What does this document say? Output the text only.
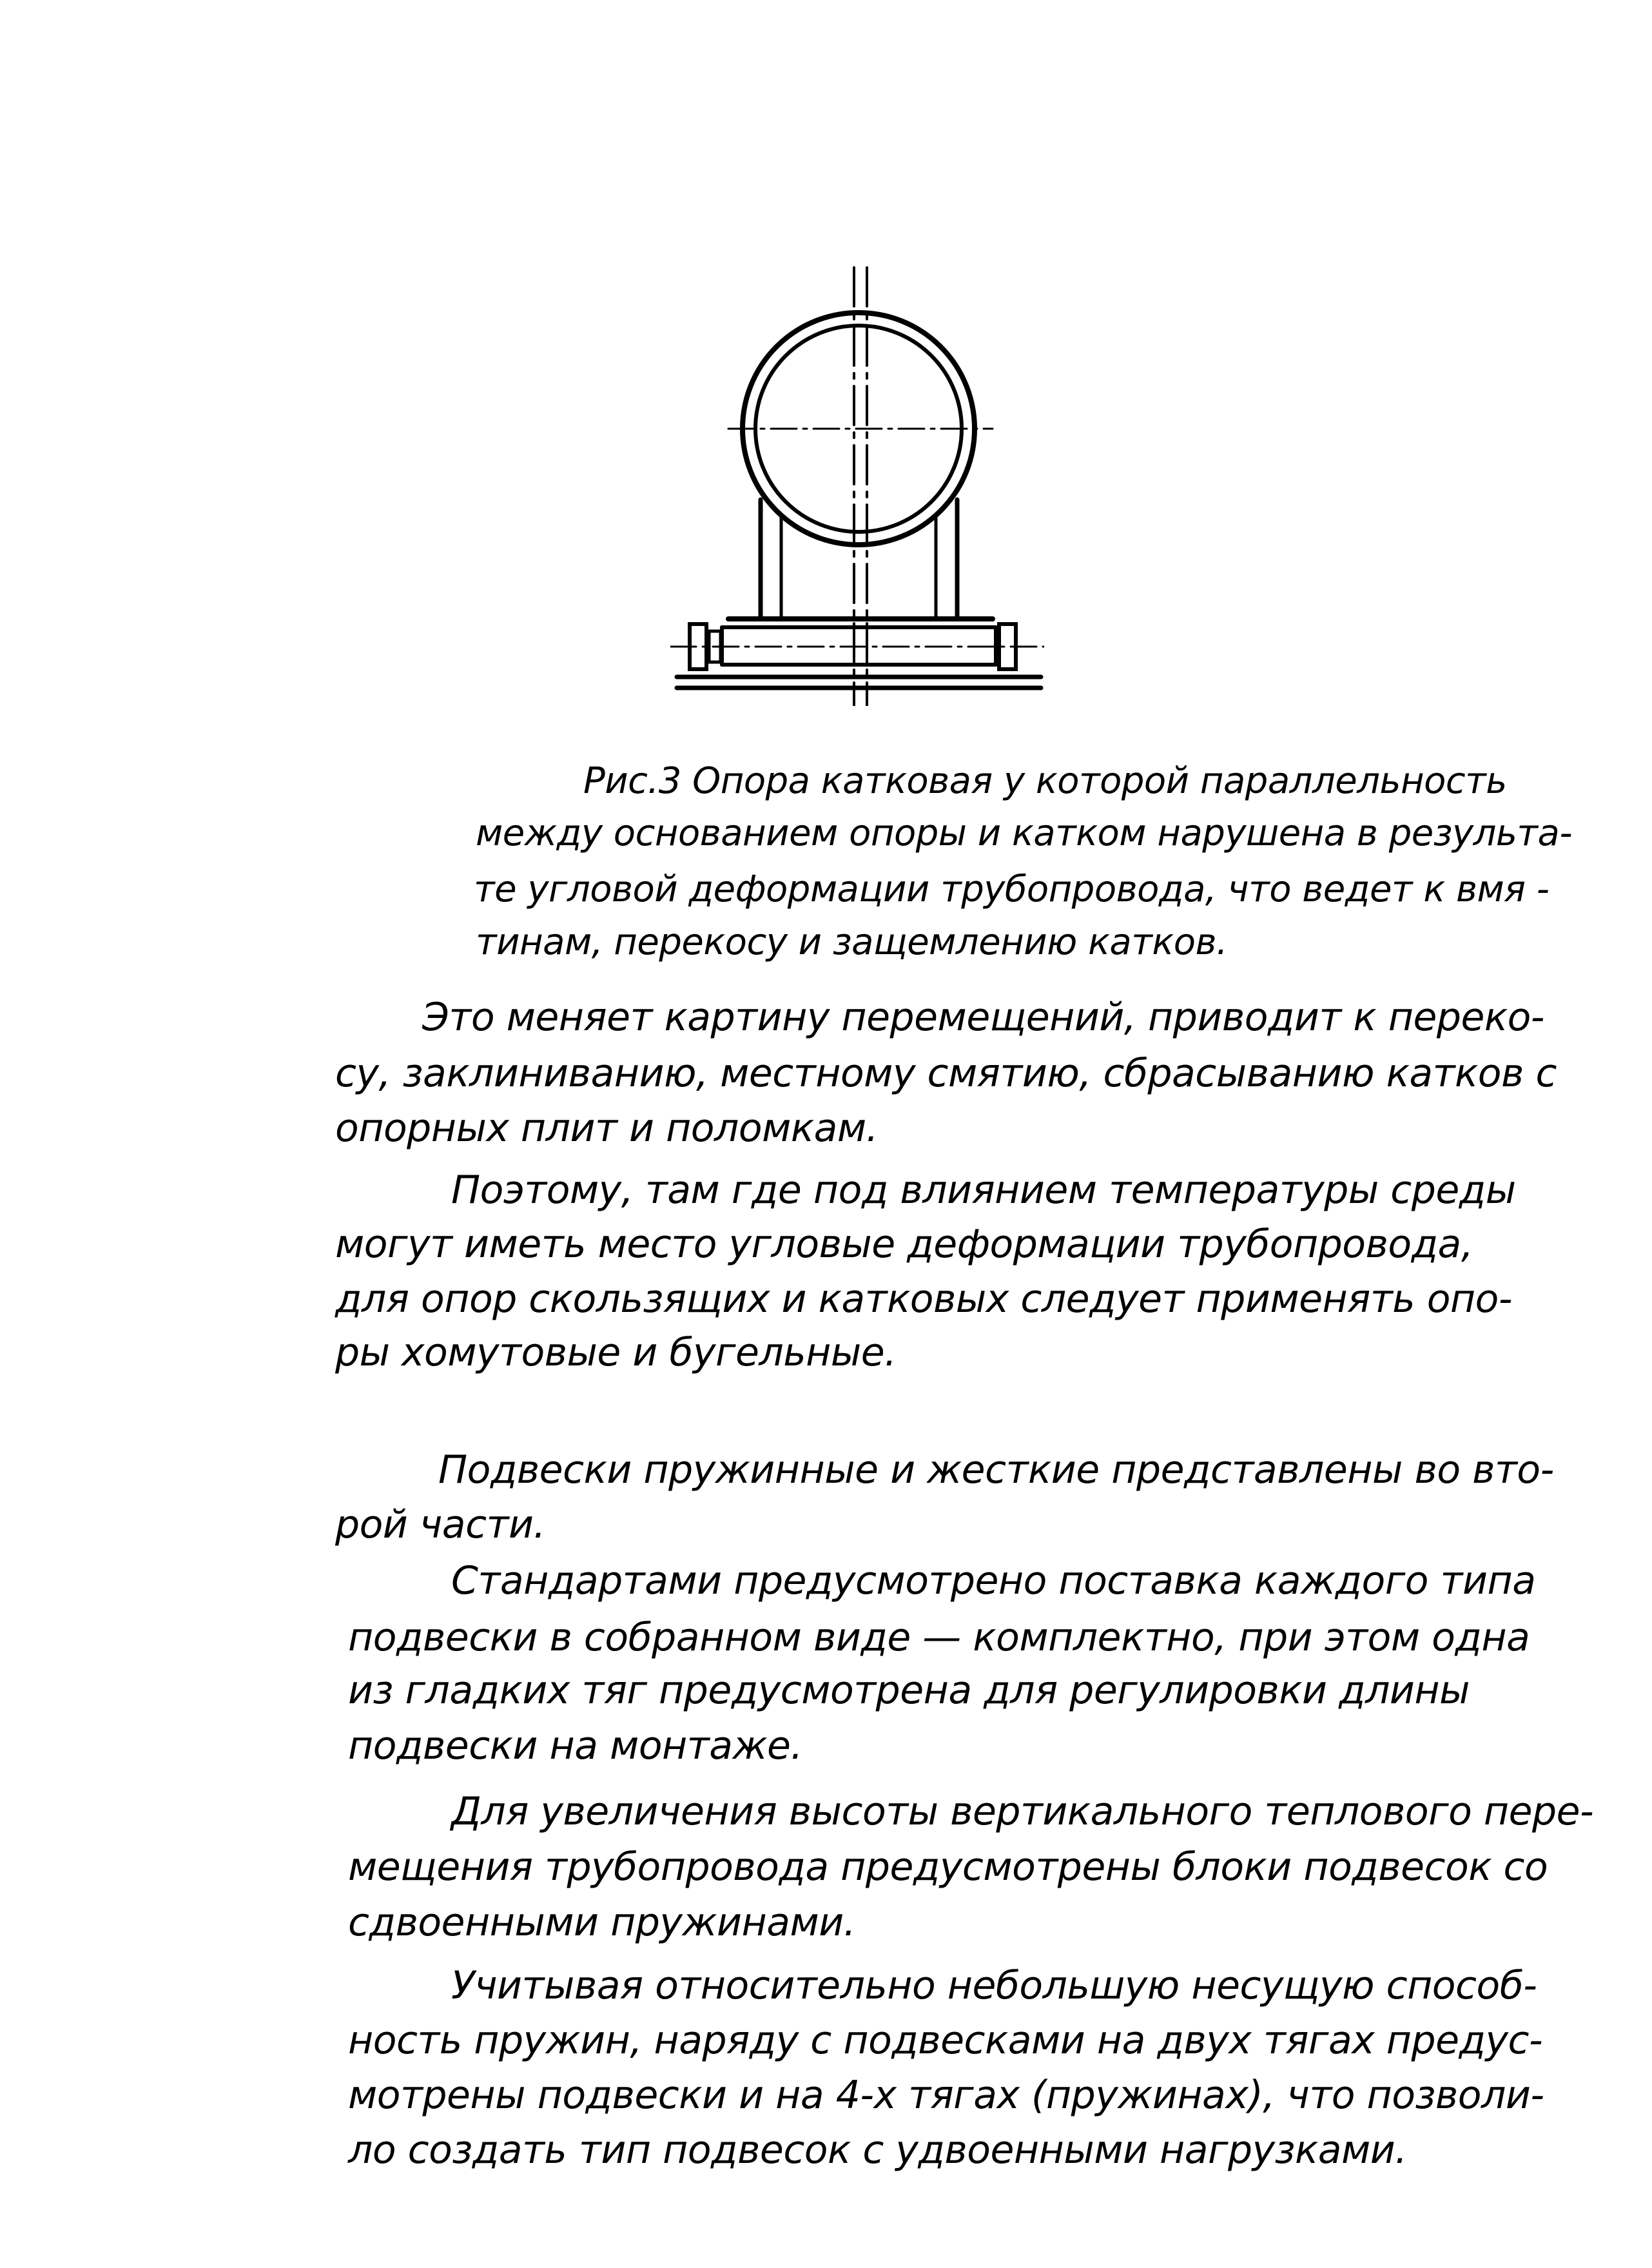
Рис.3 Опора катковая у которой параллельность
между основанием опоры и катком нарушена в результа-
те угловой деформации трубопровода, что ведет к вмя -
тинам, перекосу и защемлению катков.
Это меняет картину перемещений, приводит к переко-
су, заклиниванию, местному смятию, сбрасыванию катков с
опорных плит и поломкам.
Поэтому, там где под влиянием температуры среды
могут иметь место угловые деформации трубопровода,
для опор скользящих и катковых следует применять опо-
ры хомутовые и бугельные.
Подвески пружинные и жесткие представлены во вто-
рой части.
Стандартами предусмотрено поставка каждого типа
подвески в собранном виде — комплектно, при этом одна
из гладких тяг предусмотрена для регулировки длины
подвески на монтаже.
Для увеличения высоты вертикального теплового пере-
мещения трубопровода предусмотрены блоки подвесок со
сдвоенными пружинами.
Учитывая относительно небольшую несущую способ-
ность пружин, наряду с подвесками на двух тягах предус-
мотрены подвески и на 4-х тягах (пружинах), что позволи-
ло создать тип подвесок с удвоенными нагрузками.
